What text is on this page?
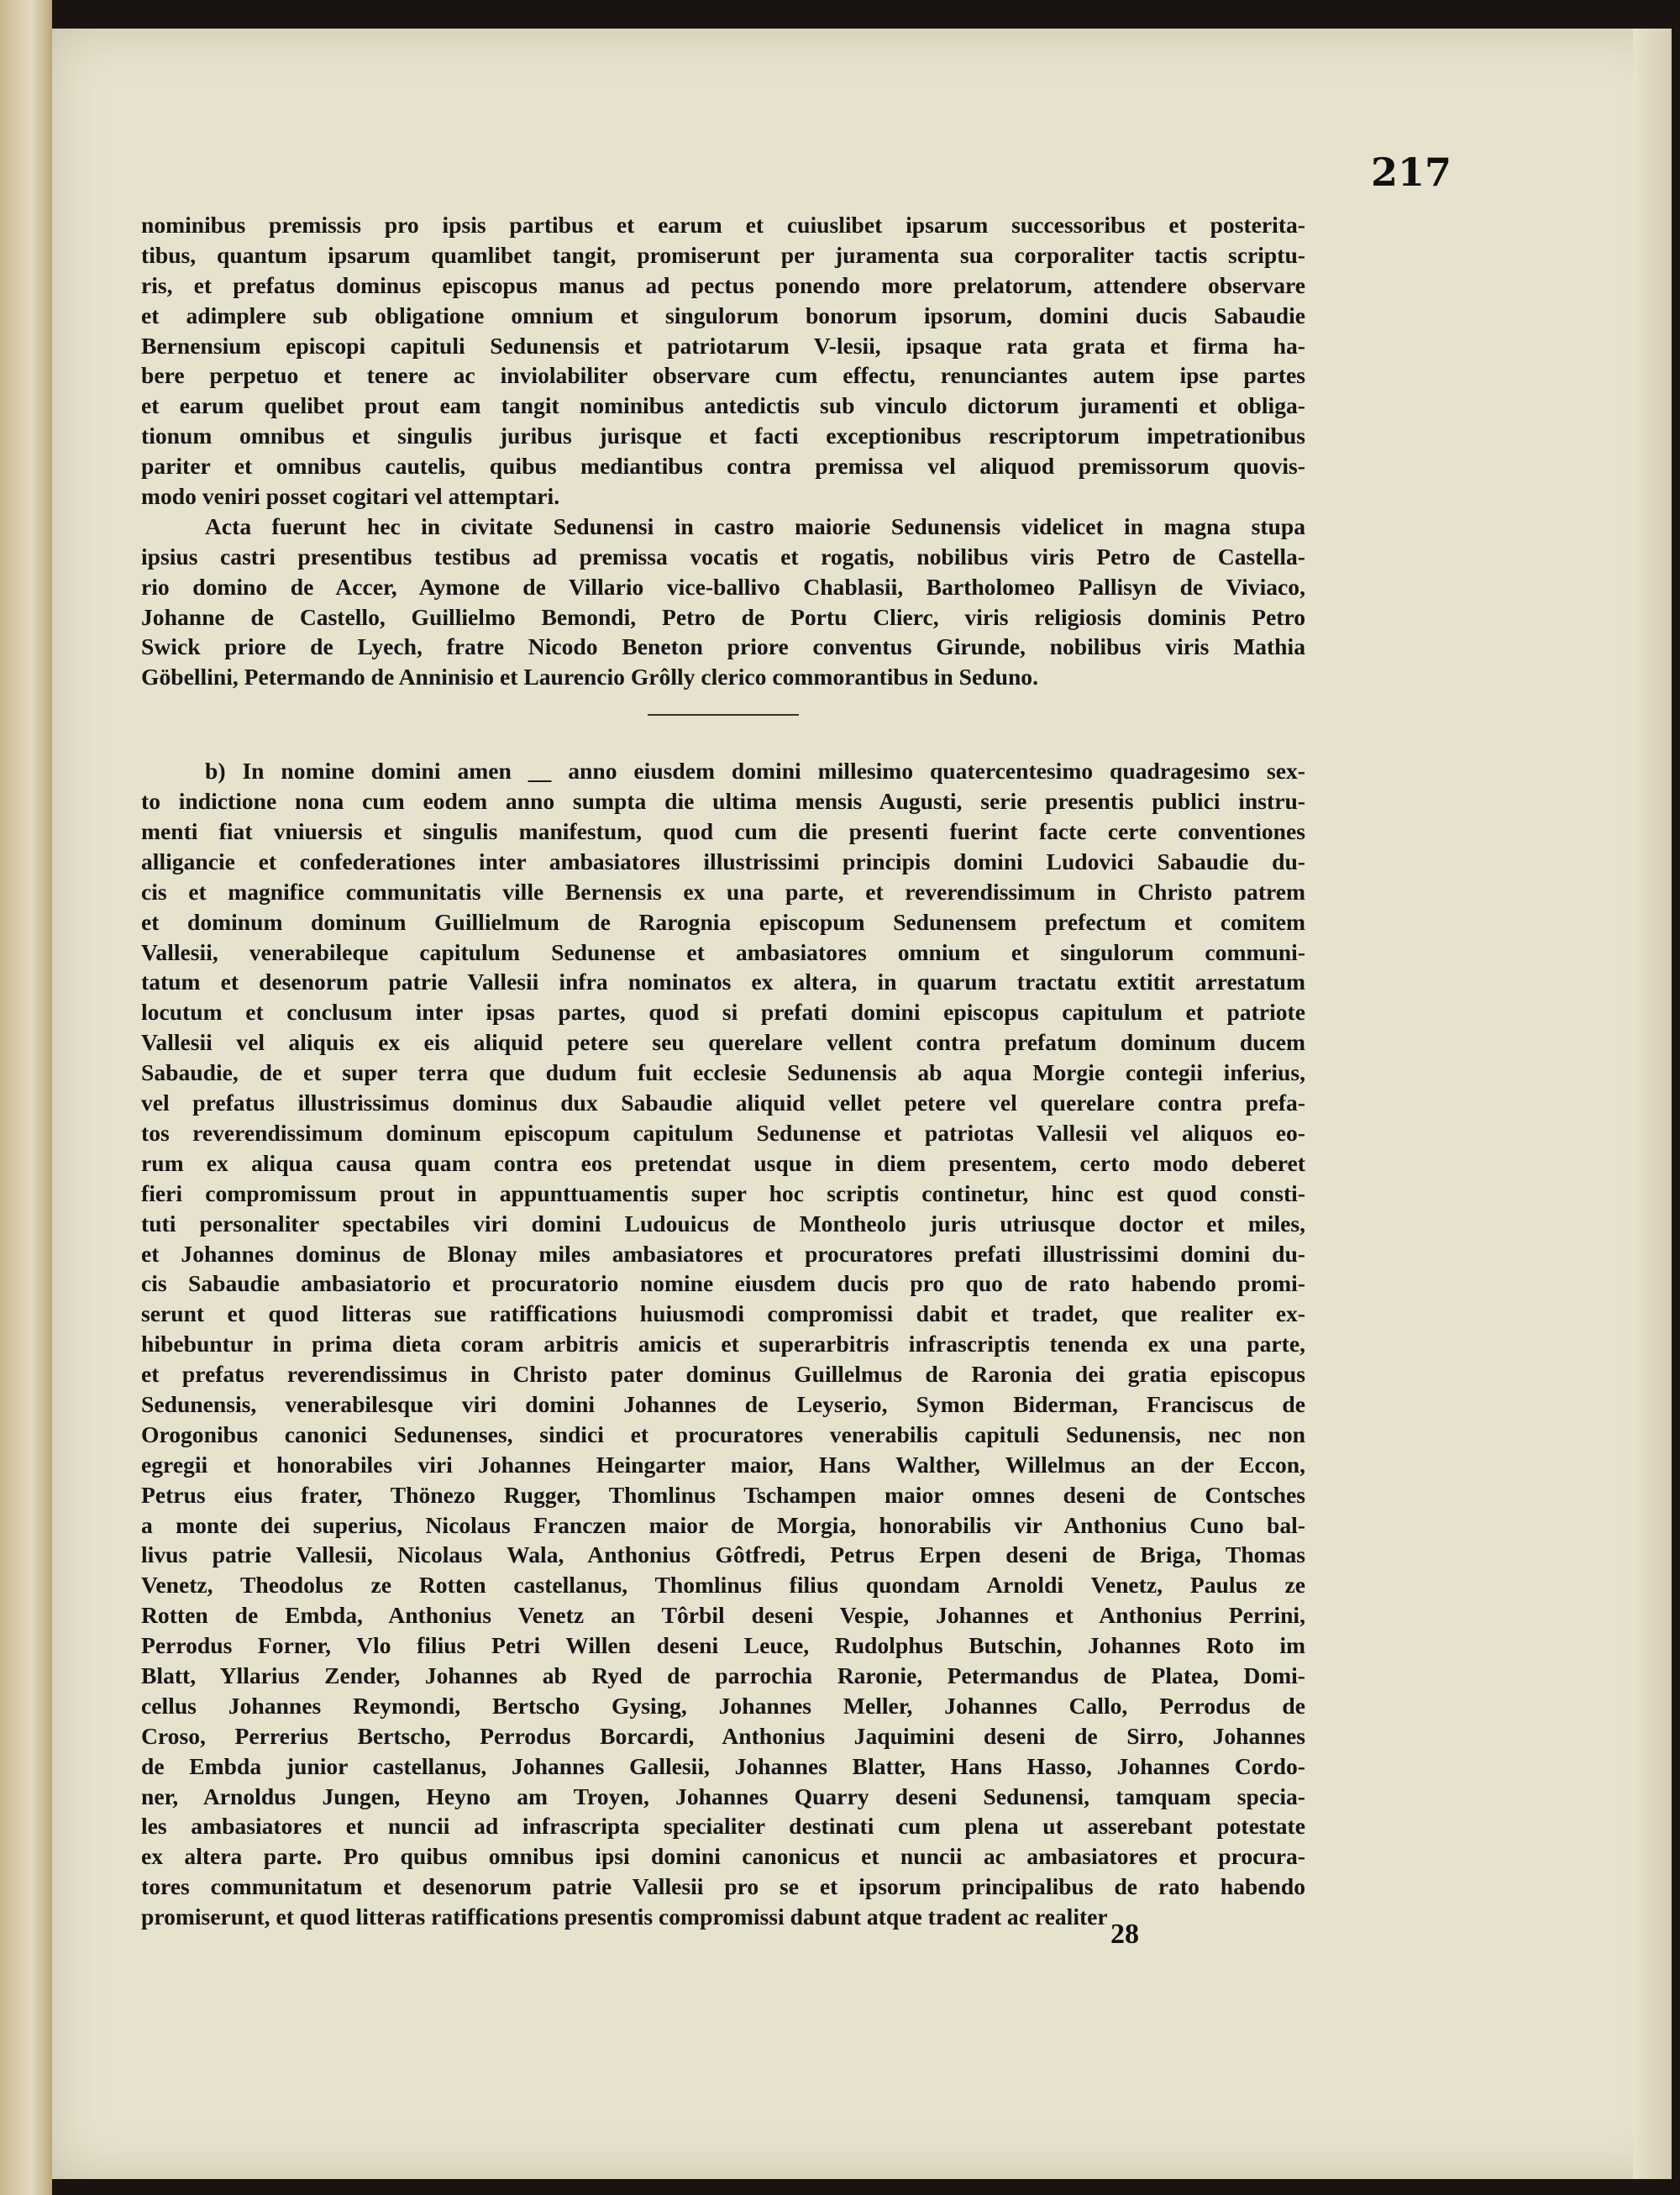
217
nominibus premissis pro ipsis partibus et earum et cuiuslibet ipsarum successoribus et posterita-
tibus, quantum ipsarum quamlibet tangit, promiserunt per juramenta sua corporaliter tactis scriptu-
ris, et prefatus dominus episcopus manus ad pectus ponendo more prelatorum, attendere observare
et adimplere sub obligatione omnium et singulorum bonorum ipsorum, domini ducis Sabaudie
Bernensium episcopi capituli Sedunensis et patriotarum V-lesii, ipsaque rata grata et firma ha-
bere perpetuo et tenere ac inviolabiliter observare cum effectu, renunciantes autem ipse partes
et earum quelibet prout eam tangit nominibus antedictis sub vinculo dictorum juramenti et obliga-
tionum omnibus et singulis juribus jurisque et facti exceptionibus rescriptorum impetrationibus
pariter et omnibus cautelis, quibus mediantibus contra premissa vel aliquod premissorum quovis-
modo veniri posset cogitari vel attemptari.
Acta fuerunt hec in civitate Sedunensi in castro maiorie Sedunensis videlicet in magna stupa
ipsius castri presentibus testibus ad premissa vocatis et rogatis, nobilibus viris Petro de Castella-
rio domino de Accer, Aymone de Villario vice-ballivo Chablasii, Bartholomeo Pallisyn de Viviaco,
Johanne de Castello, Guillielmo Bemondi, Petro de Portu Clierc, viris religiosis dominis Petro
Swick priore de Lyech, fratre Nicodo Beneton priore conventus Girunde, nobilibus viris Mathia
Göbellini, Petermando de Anninisio et Laurencio Grôlly clerico commorantibus in Seduno.
b) In nomine domini amen __ anno eiusdem domini millesimo quatercentesimo quadragesimo sex-
to indictione nona cum eodem anno sumpta die ultima mensis Augusti, serie presentis publici instru-
menti fiat vniuersis et singulis manifestum, quod cum die presenti fuerint facte certe conventiones
alligancie et confederationes inter ambasiatores illustrissimi principis domini Ludovici Sabaudie du-
cis et magnifice communitatis ville Bernensis ex una parte, et reverendissimum in Christo patrem
et dominum dominum Guillielmum de Rarognia episcopum Sedunensem prefectum et comitem
Vallesii, venerabileque capitulum Sedunense et ambasiatores omnium et singulorum communi-
tatum et desenorum patrie Vallesii infra nominatos ex altera, in quarum tractatu extitit arrestatum
locutum et conclusum inter ipsas partes, quod si prefati domini episcopus capitulum et patriote
Vallesii vel aliquis ex eis aliquid petere seu querelare vellent contra prefatum dominum ducem
Sabaudie, de et super terra que dudum fuit ecclesie Sedunensis ab aqua Morgie contegii inferius,
vel prefatus illustrissimus dominus dux Sabaudie aliquid vellet petere vel querelare contra prefa-
tos reverendissimum dominum episcopum capitulum Sedunense et patriotas Vallesii vel aliquos eo-
rum ex aliqua causa quam contra eos pretendat usque in diem presentem, certo modo deberet
fieri compromissum prout in appunttuamentis super hoc scriptis continetur, hinc est quod consti-
tuti personaliter spectabiles viri domini Ludouicus de Montheolo juris utriusque doctor et miles,
et Johannes dominus de Blonay miles ambasiatores et procuratores prefati illustrissimi domini du-
cis Sabaudie ambasiatorio et procuratorio nomine eiusdem ducis pro quo de rato habendo promi-
serunt et quod litteras sue ratiffications huiusmodi compromissi dabit et tradet, que realiter ex-
hibebuntur in prima dieta coram arbitris amicis et superarbitris infrascriptis tenenda ex una parte,
et prefatus reverendissimus in Christo pater dominus Guillelmus de Raronia dei gratia episcopus
Sedunensis, venerabilesque viri domini Johannes de Leyserio, Symon Biderman, Franciscus de
Orogonibus canonici Sedunenses, sindici et procuratores venerabilis capituli Sedunensis, nec non
egregii et honorabiles viri Johannes Heingarter maior, Hans Walther, Willelmus an der Eccon,
Petrus eius frater, Thönezo Rugger, Thomlinus Tschampen maior omnes deseni de Contsches
a monte dei superius, Nicolaus Franczen maior de Morgia, honorabilis vir Anthonius Cuno bal-
livus patrie Vallesii, Nicolaus Wala, Anthonius Gôtfredi, Petrus Erpen deseni de Briga, Thomas
Venetz, Theodolus ze Rotten castellanus, Thomlinus filius quondam Arnoldi Venetz, Paulus ze
Rotten de Embda, Anthonius Venetz an Tôrbil deseni Vespie, Johannes et Anthonius Perrini,
Perrodus Forner, Vlo filius Petri Willen deseni Leuce, Rudolphus Butschin, Johannes Roto im
Blatt, Yllarius Zender, Johannes ab Ryed de parrochia Raronie, Petermandus de Platea, Domi-
cellus Johannes Reymondi, Bertscho Gysing, Johannes Meller, Johannes Callo, Perrodus de
Croso, Perrerius Bertscho, Perrodus Borcardi, Anthonius Jaquimini deseni de Sirro, Johannes
de Embda junior castellanus, Johannes Gallesii, Johannes Blatter, Hans Hasso, Johannes Cordo-
ner, Arnoldus Jungen, Heyno am Troyen, Johannes Quarry deseni Sedunensi, tamquam specia-
les ambasiatores et nuncii ad infrascripta specialiter destinati cum plena ut asserebant potestate
ex altera parte. Pro quibus omnibus ipsi domini canonicus et nuncii ac ambasiatores et procura-
tores communitatum et desenorum patrie Vallesii pro se et ipsorum principalibus de rato habendo
promiserunt, et quod litteras ratiffications presentis compromissi dabunt atque tradent ac realiter
28
